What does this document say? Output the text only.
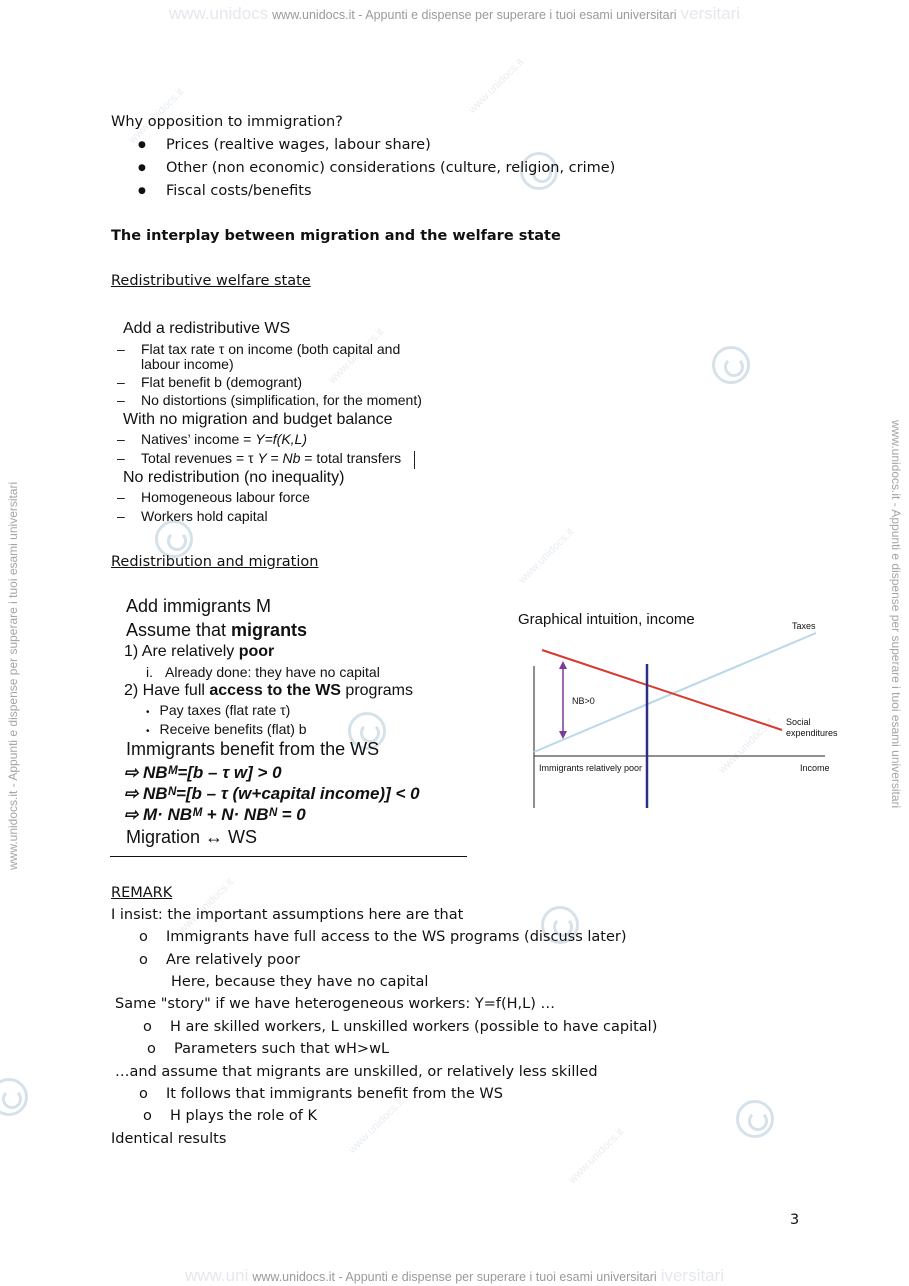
www.unidocs www.unidocs.it - Appunti e dispense per superare i tuoi esami universitari versitari
www.uni www.unidocs.it - Appunti e dispense per superare i tuoi esami universitari iversitari
www.unidocs.it - Appunti e dispense per superare i tuoi esami universitari	www.unidocs.it - Appunti e dispense per superare i tuoi esami universitari
www.unidocs.it
www.unidocs.it
www.unidocs.it
www.unidocs.it
www.unidocs.it
www.unidocs.it
www.unidocs.it
www.unidocs.it
Why opposition to immigration?
● Prices (realtive wages, labour share)
● Other (non economic) considerations (culture, religion, crime)
● Fiscal costs/benefits
The interplay between migration and the welfare state
Redistributive welfare state
Add a redistributive WS
– Flat tax rate τ on income (both capital and
labour income)
– Flat benefit b (demogrant)
– No distortions (simplification, for the moment)
With no migration and budget balance
– Natives’ income = Y=f(K,L)
– Total revenues = τ Y = Nb = total transfers
No redistribution (no inequality)
– Homogeneous labour force
– Workers hold capital
Redistribution and migration
Add immigrants M
Assume that migrants
1) Are relatively poor
i. Already done: they have no capital
2) Have full access to the WS programs
• Pay taxes (flat rate τ)
• Receive benefits (flat) b
Immigrants benefit from the WS
⇨ NBᴹ=[b – τ w] > 0
⇨ NBᴺ=[b – τ (w+capital income)] < 0
⇨ M· NBᴹ + N· NBᴺ = 0
Migration ↔ WS
Graphical intuition, income	Taxes
Social
expenditures
NB>0
Immigrants relatively poor	Income
REMARK
I insist: the important assumptions here are that
o Immigrants have full access to the WS programs (discuss later)
o Are relatively poor
Here, because they have no capital
Same "story" if we have heterogeneous workers: Y=f(H,L) …
o H are skilled workers, L unskilled workers (possible to have capital)
o Parameters such that wH>wL
…and assume that migrants are unskilled, or relatively less skilled
o It follows that immigrants benefit from the WS
o H plays the role of K
Identical results
3
